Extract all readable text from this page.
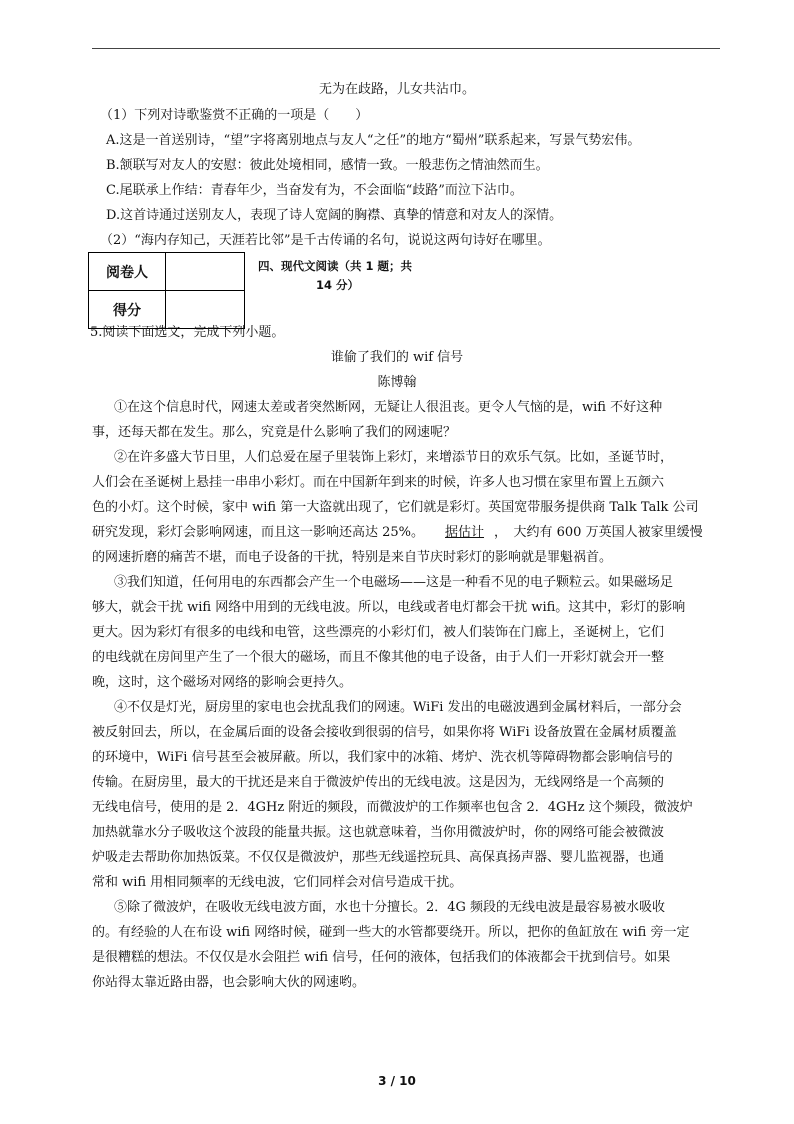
无为在歧路，儿女共沾巾。
（1）下列对诗歌鉴赏不正确的一项是（　　）
A.这是一首送别诗，“望”字将离别地点与友人“之任”的地方“蜀州”联系起来，写景气势宏伟。
B.颔联写对友人的安慰：彼此处境相同，感情一致。一般悲伤之情油然而生。
C.尾联承上作结：青春年少，当奋发有为，不会面临“歧路”而泣下沾巾。
D.这首诗通过送别友人，表现了诗人宽阔的胸襟、真挚的情意和对友人的深情。
（2）“海内存知己，天涯若比邻”是千古传诵的名句，说说这两句诗好在哪里。
阅卷人	
得分	
四、现代文阅读（共 1 题；共
14 分）
5.阅读下面选文，完成下列小题。
谁偷了我们的 wif 信号
陈博翰
①在这个信息时代，网速太差或者突然断网，无疑让人很沮丧。更令人气恼的是，wifi 不好这种
事，还每天都在发生。那么，究竟是什么影响了我们的网速呢？
②在许多盛大节日里，人们总爱在屋子里装饰上彩灯，来增添节日的欢乐气氛。比如，圣诞节时，
人们会在圣诞树上悬挂一串串小彩灯。而在中国新年到来的时候，许多人也习惯在家里布置上五颜六
色的小灯。这个时候，家中 wifi 第一大盗就出现了，它们就是彩灯。英国宽带服务提供商 Talk Talk 公司
研究发现，彩灯会影响网速，而且这一影响还高达 25%。 据估计 ，　大约有 600 万英国人被家里缓慢
的网速折磨的痛苦不堪，而电子设备的干扰，特别是来自节庆时彩灯的影响就是罪魁祸首。
③我们知道，任何用电的东西都会产生一个电磁场——这是一种看不见的电子颗粒云。如果磁场足
够大，就会干扰 wifi 网络中用到的无线电波。所以，电线或者电灯都会干扰 wifi。这其中，彩灯的影响
更大。因为彩灯有很多的电线和电管，这些漂亮的小彩灯们，被人们装饰在门廊上，圣诞树上，它们
的电线就在房间里产生了一个很大的磁场，而且不像其他的电子设备，由于人们一开彩灯就会开一整
晚，这时，这个磁场对网络的影响会更持久。
④不仅是灯光，厨房里的家电也会扰乱我们的网速。WiFi 发出的电磁波遇到金属材料后，一部分会
被反射回去，所以，在金属后面的设备会接收到很弱的信号，如果你将 WiFi 设备放置在金属材质覆盖
的环境中，WiFi 信号甚至会被屏蔽。所以，我们家中的冰箱、烤炉、洗衣机等障碍物都会影响信号的
传输。在厨房里，最大的干扰还是来自于微波炉传出的无线电波。这是因为，无线网络是一个高频的
无线电信号，使用的是 2．4GHz 附近的频段，而微波炉的工作频率也包含 2．4GHz 这个频段，微波炉
加热就靠水分子吸收这个波段的能量共振。这也就意味着，当你用微波炉时，你的网络可能会被微波
炉吸走去帮助你加热饭菜。不仅仅是微波炉，那些无线遥控玩具、高保真扬声器、婴儿监视器，也通
常和 wifi 用相同频率的无线电波，它们同样会对信号造成干扰。
⑤除了微波炉，在吸收无线电波方面，水也十分擅长。2．4G 频段的无线电波是最容易被水吸收
的。有经验的人在布设 wifi 网络时候，碰到一些大的水管都要绕开。所以，把你的鱼缸放在 wifi 旁一定
是很糟糕的想法。不仅仅是水会阻拦 wifi 信号，任何的液体，包括我们的体液都会干扰到信号。如果
你站得太靠近路由器，也会影响大伙的网速哟。
3 / 10
